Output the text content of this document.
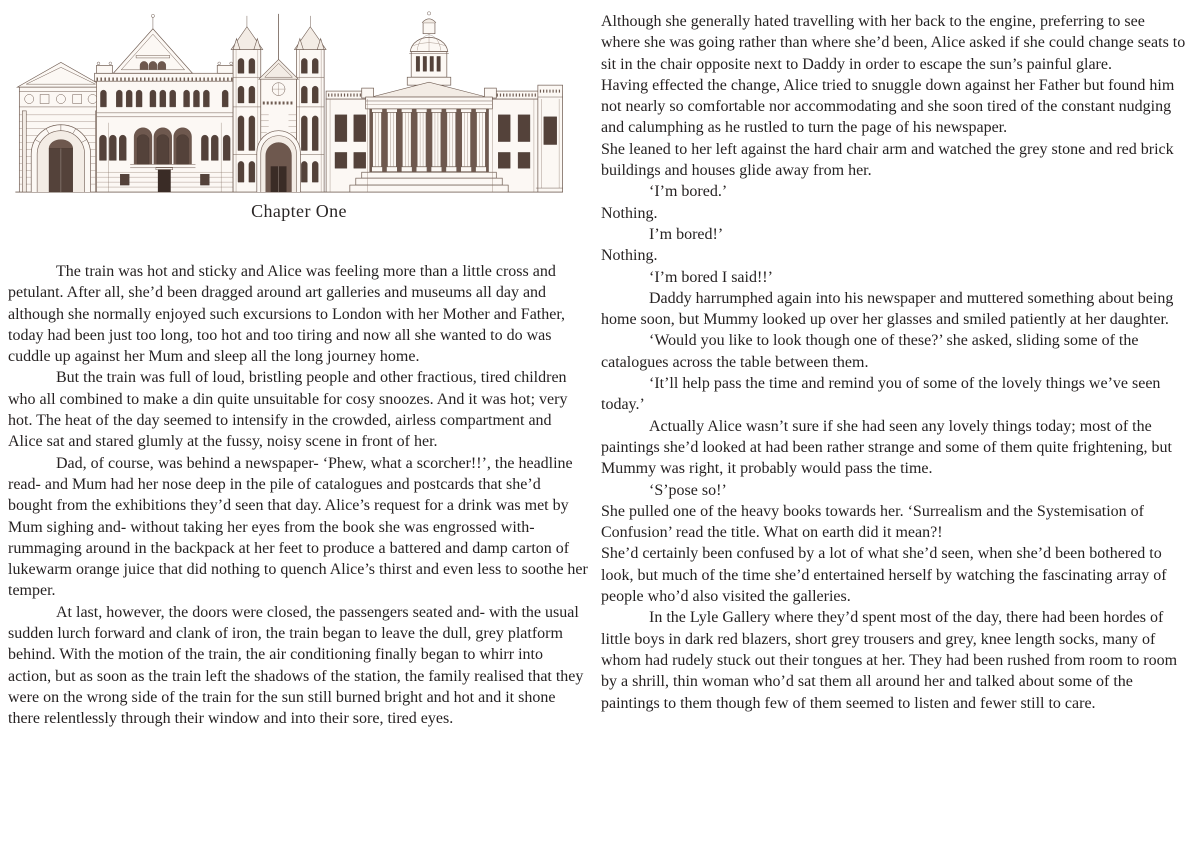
Chapter One

The train was hot and sticky and Alice was feeling more than a little cross and petulant. After all, she’d been dragged around art galleries and museums all day and although she normally enjoyed such excursions to London with her Mother and Father, today had been just too long, too hot and too tiring and now all she wanted to do was cuddle up against her Mum and sleep all the long journey home.

But the train was full of loud, bristling people and other fractious, tired children who all combined to make a din quite unsuitable for cosy snoozes. And it was hot; very hot. The heat of the day seemed to intensify in the crowded, airless compartment and Alice sat and stared glumly at the fussy, noisy scene in front of her.

Dad, of course, was behind a newspaper- ‘Phew, what a scorcher!!’, the headline read- and Mum had her nose deep in the pile of catalogues and postcards that she’d bought from the exhibitions they’d seen that day. Alice’s request for a drink was met by Mum sighing and- without taking her eyes from the book she was engrossed with- rummaging around in the backpack at her feet to produce a battered and damp carton of lukewarm orange juice that did nothing to quench Alice’s thirst and even less to soothe her temper.

At last, however, the doors were closed, the passengers seated and- with the usual sudden lurch forward and clank of iron, the train began to leave the dull, grey platform behind. With the motion of the train, the air conditioning finally began to whirr into action, but as soon as the train left the shadows of the station, the family realised that they were on the wrong side of the train for the sun still burned bright and hot and it shone there relentlessly through their window and into their sore, tired eyes.

Although she generally hated travelling with her back to the engine, preferring to see where she was going rather than where she’d been, Alice asked if she could change seats to sit in the chair opposite next to Daddy in order to escape the sun’s painful glare.

Having effected the change, Alice tried to snuggle down against her Father but found him not nearly so comfortable nor accommodating and she soon tired of the constant nudging and calumphing as he rustled to turn the page of his newspaper.

She leaned to her left against the hard chair arm and watched the grey stone and red brick buildings and houses glide away from her.

‘I’m bored.’

Nothing.

I’m bored!’

Nothing.

‘I’m bored I said!!’

Daddy harrumphed again into his newspaper and muttered something about being home soon, but Mummy looked up over her glasses and smiled patiently at her daughter.

‘Would you like to look though one of these?’ she asked, sliding some of the catalogues across the table between them.

‘It’ll help pass the time and remind you of some of the lovely things we’ve seen today.’

Actually Alice wasn’t sure if she had seen any lovely things today; most of the paintings she’d looked at had been rather strange and some of them quite frightening, but Mummy was right, it probably would pass the time.

‘S’pose so!’

She pulled one of the heavy books towards her. ‘Surrealism and the Systemisation of Confusion’ read the title. What on earth did it mean?!

She’d certainly been confused by a lot of what she’d seen, when she’d been bothered to look, but much of the time she’d entertained herself by watching the fascinating array of people who’d also visited the galleries.

In the Lyle Gallery where they’d spent most of the day, there had been hordes of little boys in dark red blazers, short grey trousers and grey, knee length socks, many of whom had rudely stuck out their tongues at her. They had been rushed from room to room by a shrill, thin woman who’d sat them all around her and talked about some of the paintings to them though few of them seemed to listen and fewer still to care.
